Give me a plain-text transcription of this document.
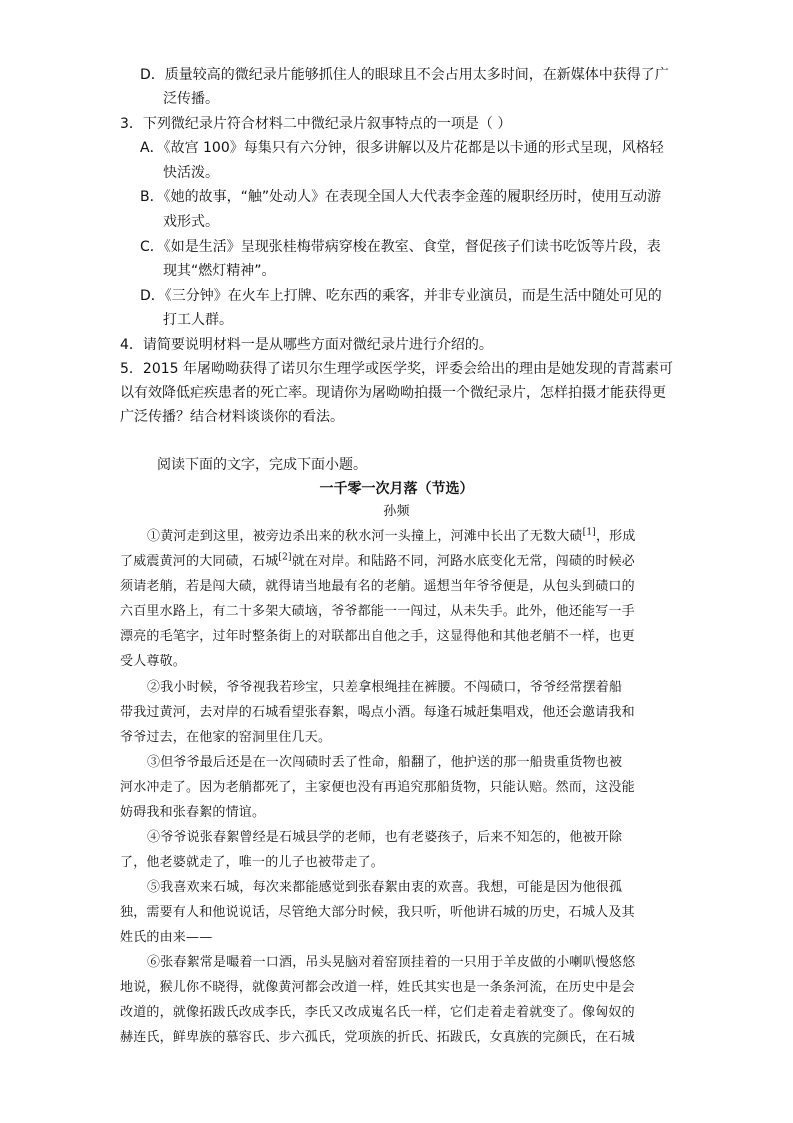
D．质量较高的微纪录片能够抓住人的眼球且不会占用太多时间，在新媒体中获得了广
泛传播。
3．下列微纪录片符合材料二中微纪录片叙事特点的一项是（ ）
A．《故宫 100》每集只有六分钟，很多讲解以及片花都是以卡通的形式呈现，风格轻
快活泼。
B．《她的故事，“触”处动人》在表现全国人大代表李金莲的履职经历时，使用互动游
戏形式。
C．《如是生活》呈现张桂梅带病穿梭在教室、食堂，督促孩子们读书吃饭等片段，表
现其“燃灯精神”。
D．《三分钟》在火车上打牌、吃东西的乘客，并非专业演员，而是生活中随处可见的
打工人群。
4．请简要说明材料一是从哪些方面对微纪录片进行介绍的。
5．2015 年屠呦呦获得了诺贝尔生理学或医学奖，评委会给出的理由是她发现的青蒿素可
以有效降低疟疾患者的死亡率。现请你为屠呦呦拍摄一个微纪录片，怎样拍摄才能获得更
广泛传播？结合材料谈谈你的看法。
阅读下面的文字，完成下面小题。
一千零一次月落（节选）
孙频
①黄河走到这里，被旁边杀出来的秋水河一头撞上，河滩中长出了无数大碛[1]，形成
了威震黄河的大同碛，石城[2]就在对岸。和陆路不同，河路水底变化无常，闯碛的时候必
须请老艄，若是闯大碛，就得请当地最有名的老艄。遥想当年爷爷便是，从包头到碛口的
六百里水路上，有二十多架大碛垴，爷爷都能一一闯过，从未失手。此外，他还能写一手
漂亮的毛笔字，过年时整条街上的对联都出自他之手，这显得他和其他老艄不一样，也更
受人尊敬。
②我小时候，爷爷视我若珍宝，只差拿根绳挂在裤腰。不闯碛口，爷爷经常摆着船
带我过黄河，去对岸的石城看望张春絮，喝点小酒。每逢石城赶集唱戏，他还会邀请我和
爷爷过去，在他家的窑洞里住几天。
③但爷爷最后还是在一次闯碛时丢了性命，船翻了，他护送的那一船贵重货物也被
河水冲走了。因为老艄都死了，主家便也没有再追究那船货物，只能认赔。然而，这没能
妨碍我和张春絮的情谊。
④爷爷说张春絮曾经是石城县学的老师，也有老婆孩子，后来不知怎的，他被开除
了，他老婆就走了，唯一的儿子也被带走了。
⑤我喜欢来石城，每次来都能感觉到张春絮由衷的欢喜。我想，可能是因为他很孤
独，需要有人和他说说话，尽管绝大部分时候，我只听，听他讲石城的历史，石城人及其
姓氏的由来——
⑥张春絮常是嘬着一口酒，吊头晃脑对着窑顶挂着的一只用于羊皮做的小喇叭慢悠悠
地说，猴儿你不晓得，就像黄河都会改道一样，姓氏其实也是一条条河流，在历史中是会
改道的，就像拓跋氏改成李氏，李氏又改成嵬名氏一样，它们走着走着就变了。像匈奴的
赫连氏，鲜卑族的慕容氏、步六孤氏，党项族的折氏、拓跋氏，女真族的完颜氏，在石城
